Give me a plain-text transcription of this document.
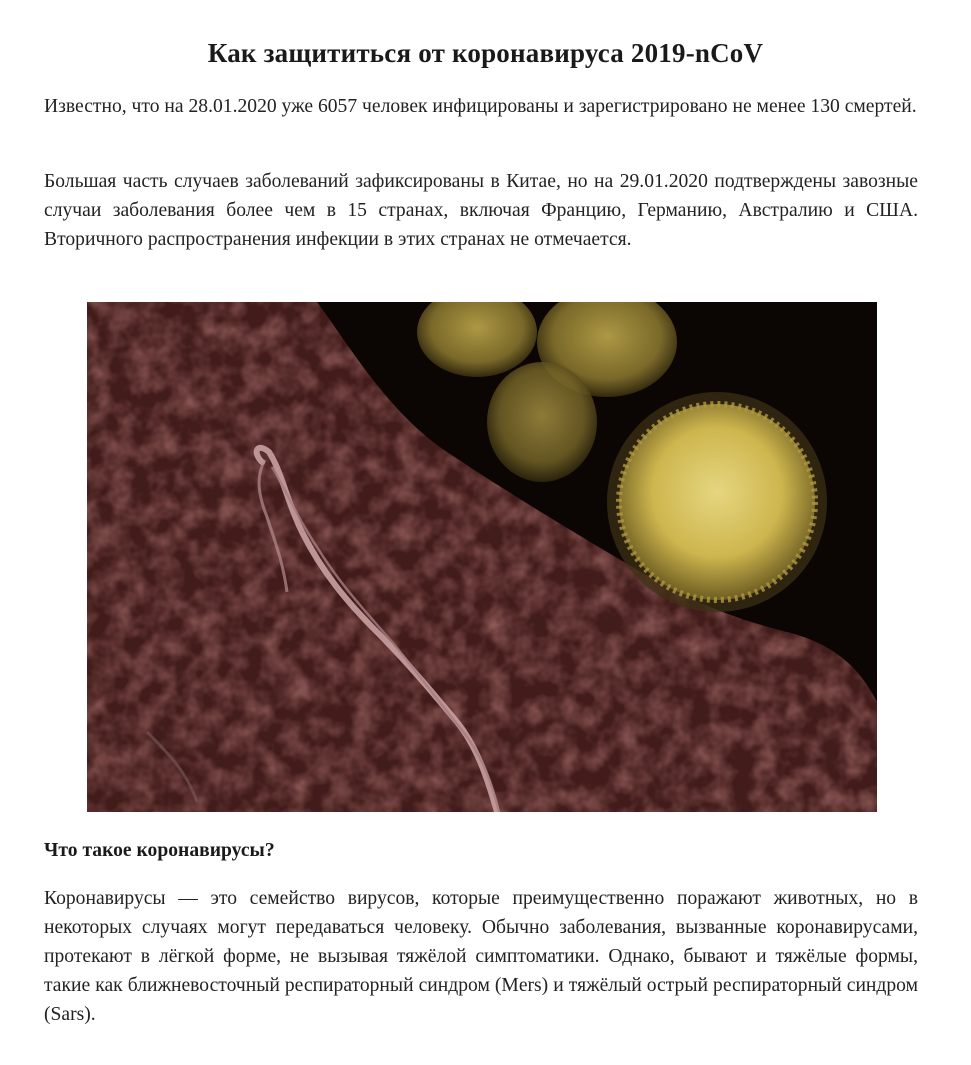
Как защититься от коронавируса 2019-nCoV

Известно, что на 28.01.2020 уже 6057 человек инфицированы и зарегистрировано не менее 130 смертей.

Большая часть случаев заболеваний зафиксированы в Китае, но на 29.01.2020 подтверждены завозные случаи заболевания более чем в 15 странах, включая Францию, Германию, Австралию и США. Вторичного распространения инфекции в этих странах не отмечается.

Что такое коронавирусы?

Коронавирусы — это семейство вирусов, которые преимущественно поражают животных, но в некоторых случаях могут передаваться человеку. Обычно заболевания, вызванные коронавирусами, протекают в лёгкой форме, не вызывая тяжёлой симптоматики. Однако, бывают и тяжёлые формы, такие как ближневосточный респираторный синдром (Mers) и тяжёлый острый респираторный синдром (Sars).
